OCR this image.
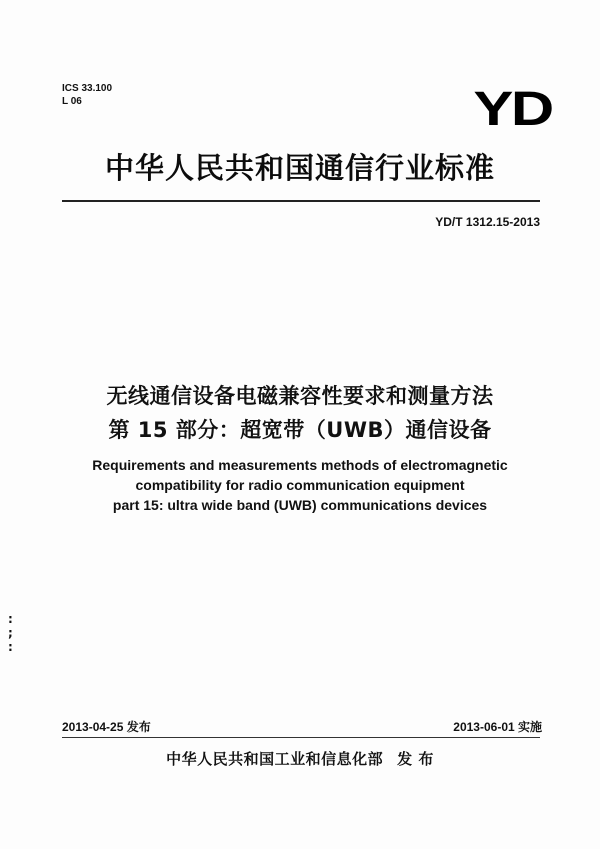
ICS 33.100
L 06	YD
中华人民共和国通信行业标准
YD/T 1312.15-2013
无线通信设备电磁兼容性要求和测量方法
第 15 部分：超宽带（UWB）通信设备
Requirements and measurements methods of electromagnetic
compatibility for radio communication equipment
part 15: ultra wide band (UWB) communications devices
:
;
:
2013-04-25 发布	2013-06-01 实施
中华人民共和国工业和信息化部 发 布
